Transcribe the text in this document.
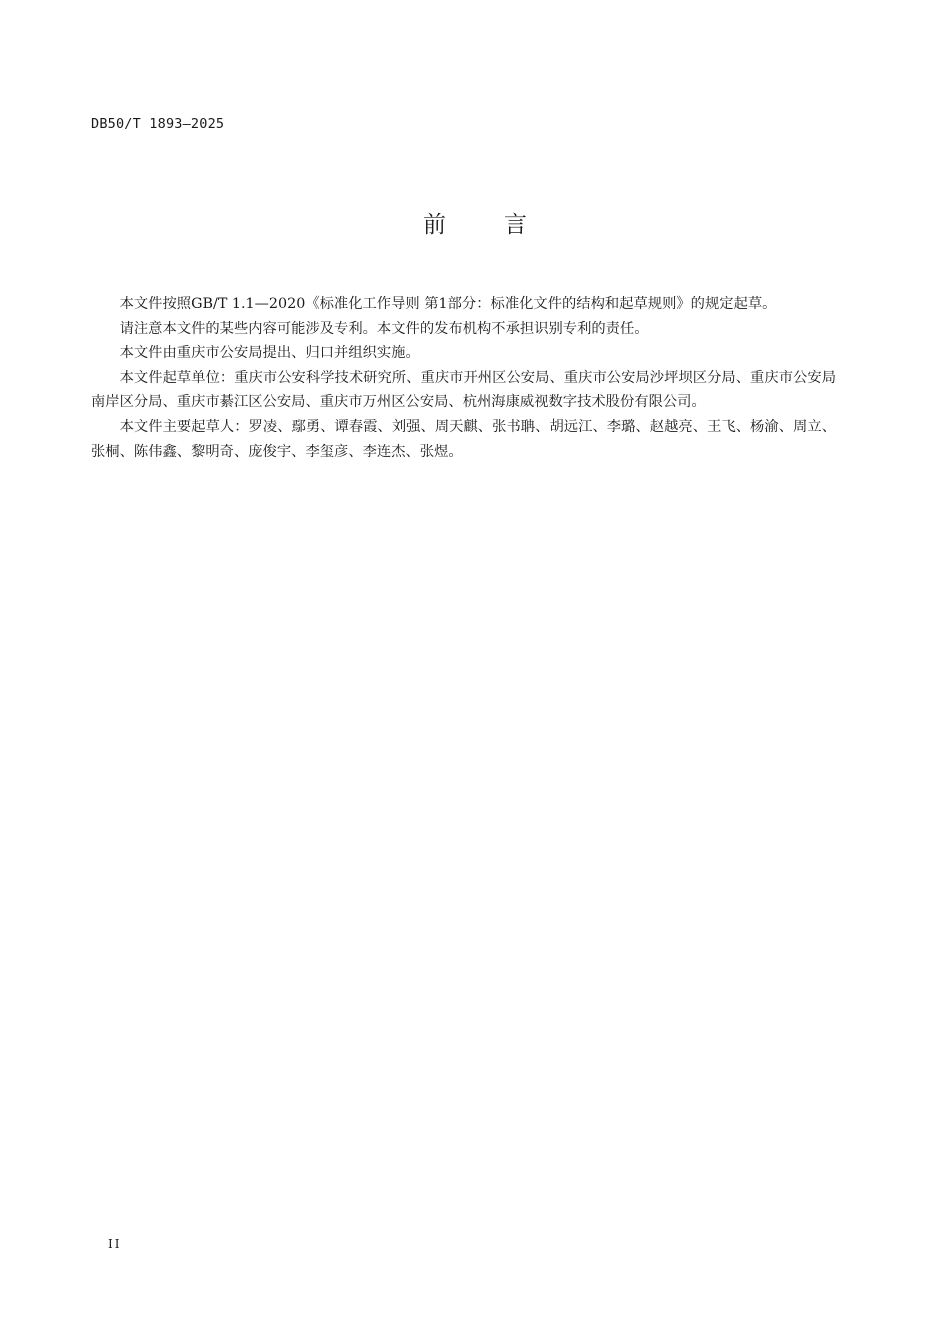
DB50/T 1893—2025
前言

本文件按照GB/T 1.1—2020《标准化工作导则 第1部分：标准化文件的结构和起草规则》的规定起草。

请注意本文件的某些内容可能涉及专利。本文件的发布机构不承担识别专利的责任。

本文件由重庆市公安局提出、归口并组织实施。

本文件起草单位：重庆市公安科学技术研究所、重庆市开州区公安局、重庆市公安局沙坪坝区分局、重庆市公安局南岸区分局、重庆市綦江区公安局、重庆市万州区公安局、杭州海康威视数字技术股份有限公司。

本文件主要起草人：罗凌、鄢勇、谭春霞、刘强、周天麒、张书聃、胡远江、李璐、赵越亮、王飞、杨渝、周立、张桐、陈伟鑫、黎明奇、庞俊宇、李玺彦、李连杰、张煜。

II
